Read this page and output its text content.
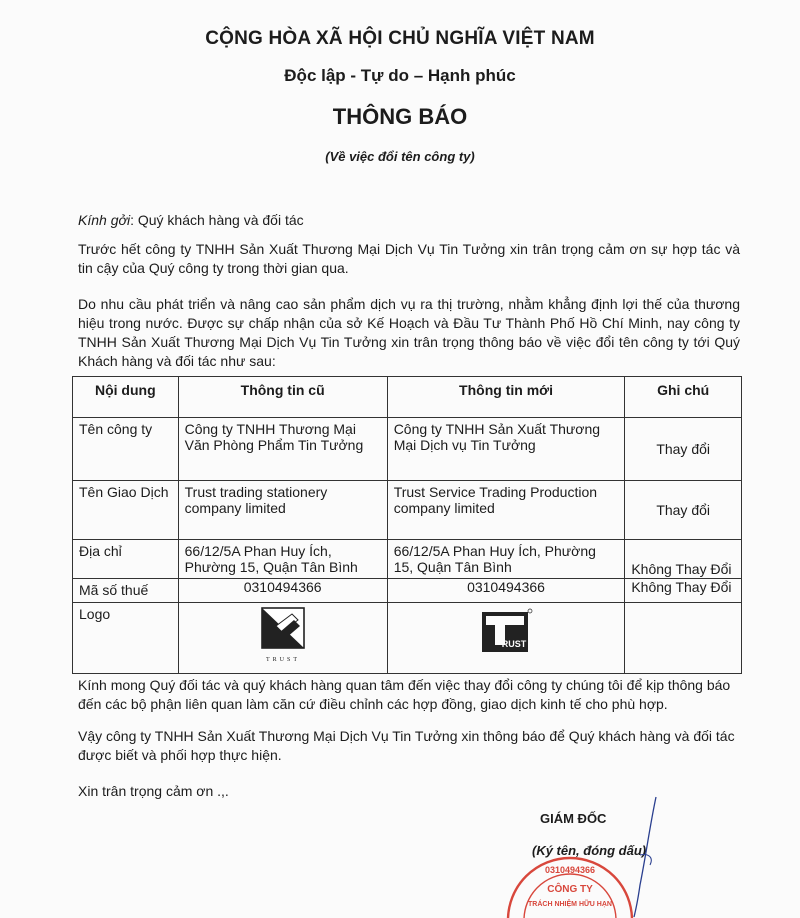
CỘNG HÒA XÃ HỘI CHỦ NGHĨA VIỆT NAM
Độc lập - Tự do – Hạnh phúc
THÔNG BÁO
(Về việc đổi tên công ty)
Kính gởi: Quý khách hàng và đối tác
Trước hết công ty TNHH Sản Xuất Thương Mại Dịch Vụ Tin Tưởng xin trân trọng cảm ơn sự hợp tác và tin cậy của Quý công ty trong thời gian qua.
Do nhu cầu phát triển và nâng cao sản phẩm dịch vụ ra thị trường, nhằm khẳng định lợi thế của thương hiệu trong nước. Được sự chấp nhận của sở Kế Hoạch và Đầu Tư Thành Phố Hồ Chí Minh, nay công ty TNHH Sản Xuất Thương Mại Dịch Vụ Tin Tưởng xin trân trọng thông báo về việc đổi tên công ty tới Quý Khách hàng và đối tác như sau:
Nội dung	Thông tin cũ	Thông tin mới	Ghi chú
Tên công ty	Công ty TNHH Thương Mại Văn Phòng Phẩm Tin Tưởng	Công ty TNHH Sản Xuất Thương Mại Dịch vụ Tin Tưởng	Thay đổi
Tên Giao Dịch	Trust trading stationery company limited	Trust Service Trading Production company limited	Thay đổi
Địa chỉ	66/12/5A Phan Huy Ích, Phường 15, Quận Tân Bình	66/12/5A Phan Huy Ích, Phường 15, Quận Tân Bình	Không Thay Đổi
Mã số thuế	0310494366	0310494366	Không Thay Đổi
Logo	TRUST	RUST	

Kính mong Quý đối tác và quý khách hàng quan tâm đến việc thay đổi công ty chúng tôi để kịp thông báo đến các bộ phận liên quan làm căn cứ điều chỉnh các hợp đồng, giao dịch kinh tế cho phù hợp.
Vậy công ty TNHH Sản Xuất Thương Mại Dịch Vụ Tin Tưởng xin thông báo để Quý khách hàng và đối tác được biết và phối hợp thực hiện.
Xin trân trọng cảm ơn .,.
GIÁM ĐỐC
(Ký tên, đóng dấu)
0310494366
CÔNG TY
TRÁCH NHIỆM HỮU HẠN
